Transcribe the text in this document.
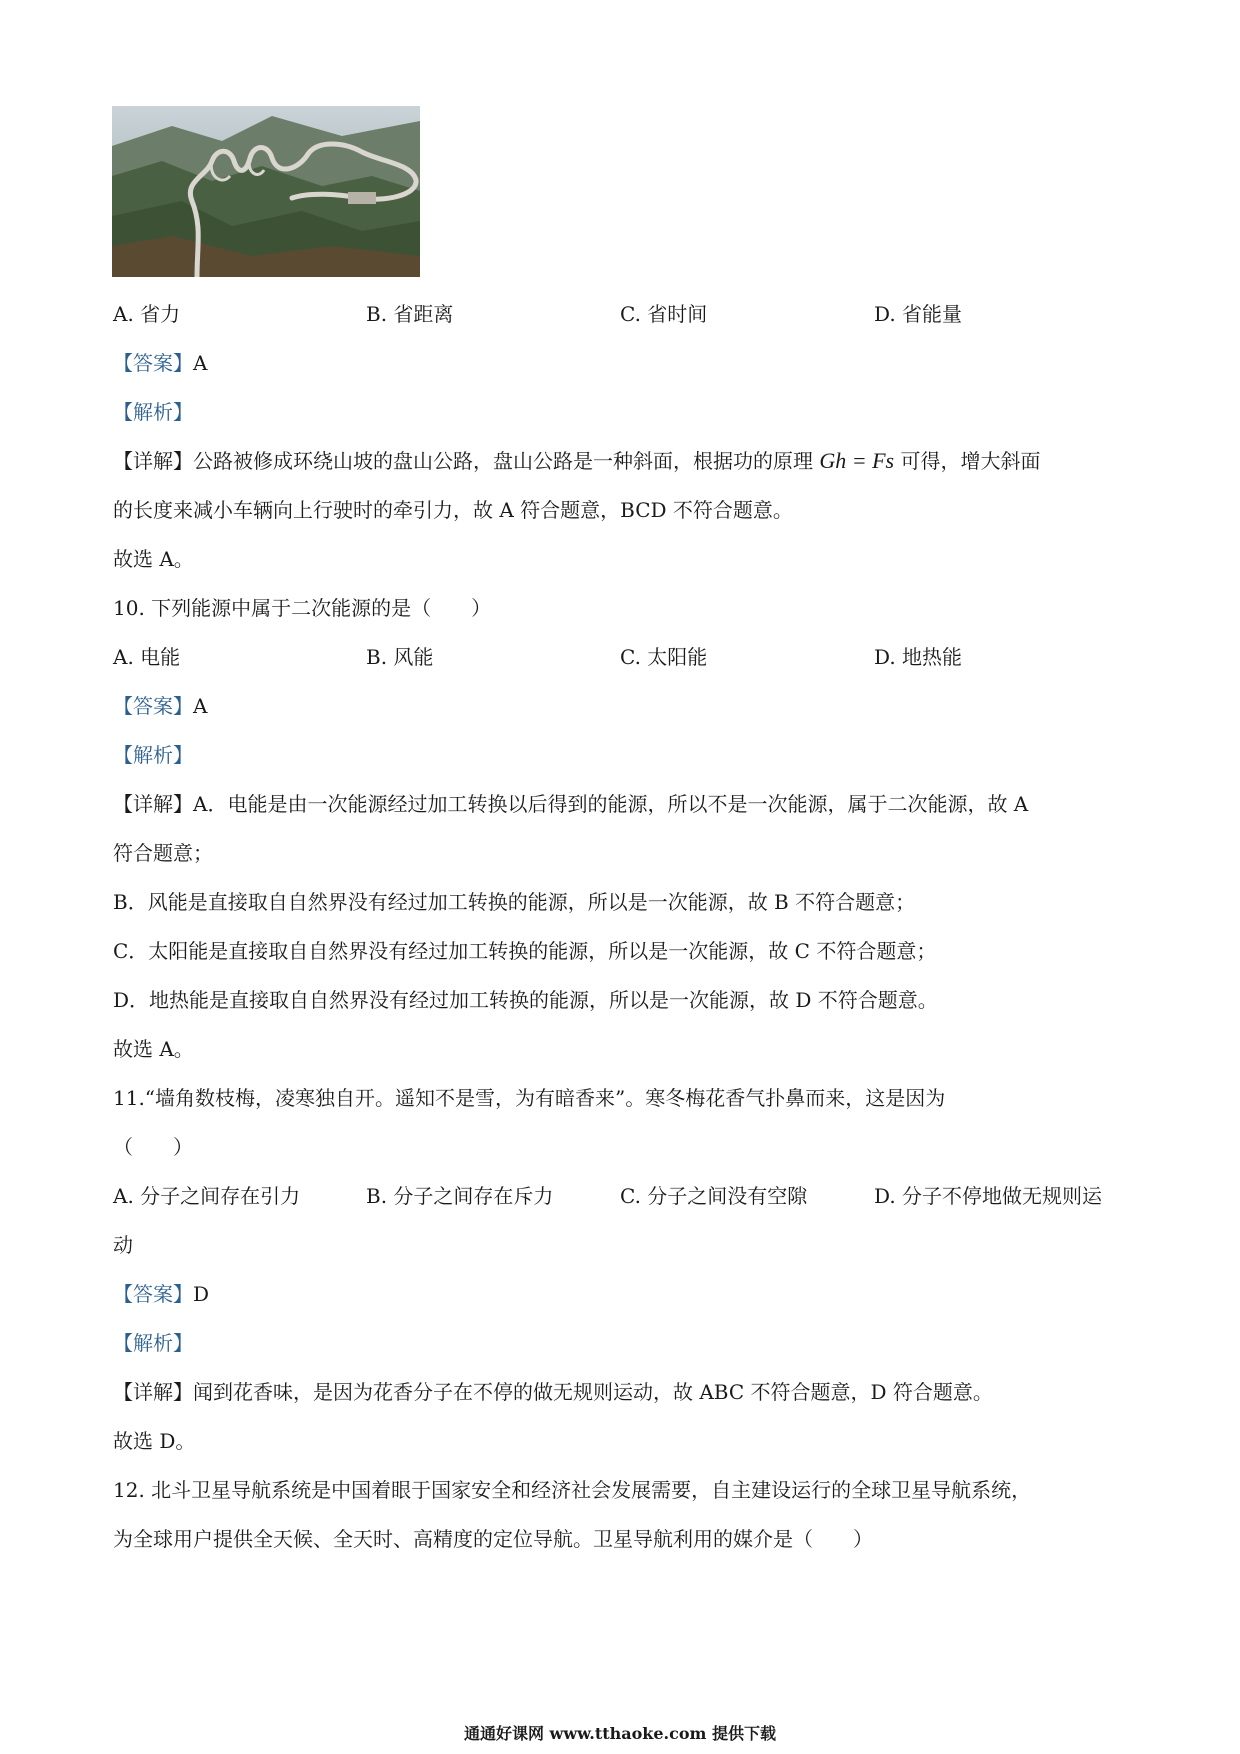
A. 省力	B. 省距离	C. 省时间	D. 省能量
【答案】A
【解析】
【详解】公路被修成环绕山坡的盘山公路，盘山公路是一种斜面，根据功的原理 Gh = Fs 可得，增大斜面
的长度来减小车辆向上行驶时的牵引力，故 A 符合题意，BCD 不符合题意。
故选 A。
10. 下列能源中属于二次能源的是（　　）
A. 电能	B. 风能	C. 太阳能	D. 地热能
【答案】A
【解析】
【详解】A．电能是由一次能源经过加工转换以后得到的能源，所以不是一次能源，属于二次能源，故 A
符合题意；
B．风能是直接取自自然界没有经过加工转换的能源，所以是一次能源，故 B 不符合题意；
C．太阳能是直接取自自然界没有经过加工转换的能源，所以是一次能源，故 C 不符合题意；
D．地热能是直接取自自然界没有经过加工转换的能源，所以是一次能源，故 D 不符合题意。
故选 A。
11.“墙角数枝梅，凌寒独自开。遥知不是雪，为有暗香来”。寒冬梅花香气扑鼻而来，这是因为
（　　）
A. 分子之间存在引力	B. 分子之间存在斥力	C. 分子之间没有空隙	D. 分子不停地做无规则运
动
【答案】D
【解析】
【详解】闻到花香味，是因为花香分子在不停的做无规则运动，故 ABC 不符合题意，D 符合题意。
故选 D。
12. 北斗卫星导航系统是中国着眼于国家安全和经济社会发展需要，自主建设运行的全球卫星导航系统，
为全球用户提供全天候、全天时、高精度的定位导航。卫星导航利用的媒介是（　　）
通通好课网 www.tthaoke.com 提供下载
